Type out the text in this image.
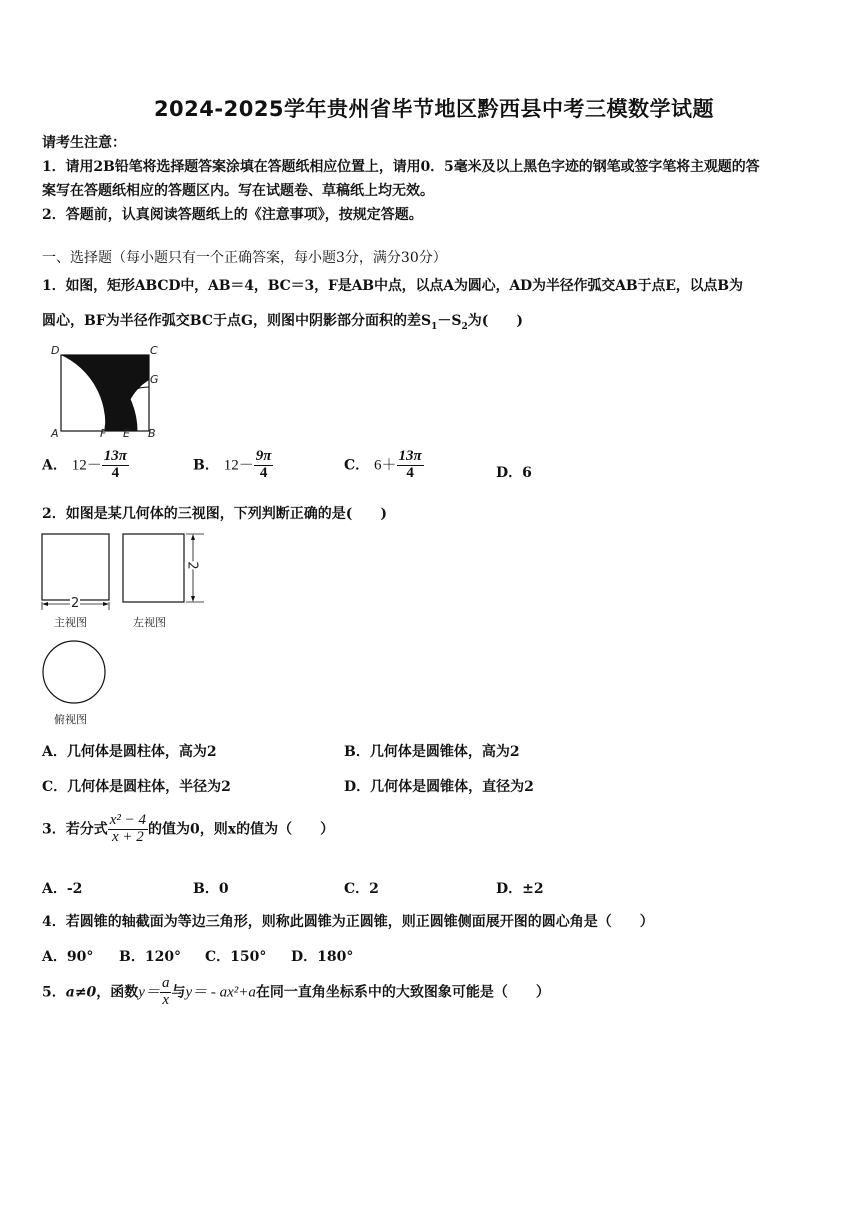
2024-2025学年贵州省毕节地区黔西县中考三模数学试题
请考生注意：
1．请用2B铅笔将选择题答案涂填在答题纸相应位置上，请用0．5毫米及以上黑色字迹的钢笔或签字笔将主观题的答
案写在答题纸相应的答题区内。写在试题卷、草稿纸上均无效。
2．答题前，认真阅读答题纸上的《注意事项》，按规定答题。
一、选择题（每小题只有一个正确答案，每小题3分，满分30分）
1．如图，矩形ABCD中，AB＝4，BC＝3，F是AB中点，以点A为圆心，AD为半径作弧交AB于点E，以点B为
圆心，BF为半径作弧交BC于点G，则图中阴影部分面积的差$S_1-S_2$为(　　)
D	C
G
A	F E B
A． $12- \frac{13\pi}{4}$	B． $12- \frac{9\pi}{4}$	C． $6+ \frac{13\pi}{4}$	D．6
2．如图是某几何体的三视图，下列判断正确的是(　　)
2
2
主视图	左视图
俯视图
A．几何体是圆柱体，高为2	B．几何体是圆锥体，高为2
C．几何体是圆柱体，半径为2	D．几何体是圆锥体，直径为2
3．若分式 $\frac{\text{x² − 4}}{x + 2}$ 的值为0，则x的值为（　　）
A．-2	B．0	C．2	D．±2
4．若圆锥的轴截面为等边三角形，则称此圆锥为正圆锥，则正圆锥侧面展开图的圆心角是（　　）
A．90° B．120° C．150° D．180°
5．a≠0，函数$y= \frac{a}{x}$ 与y＝ - ax²+a在同一直角坐标系中的大致图象可能是（　　）
